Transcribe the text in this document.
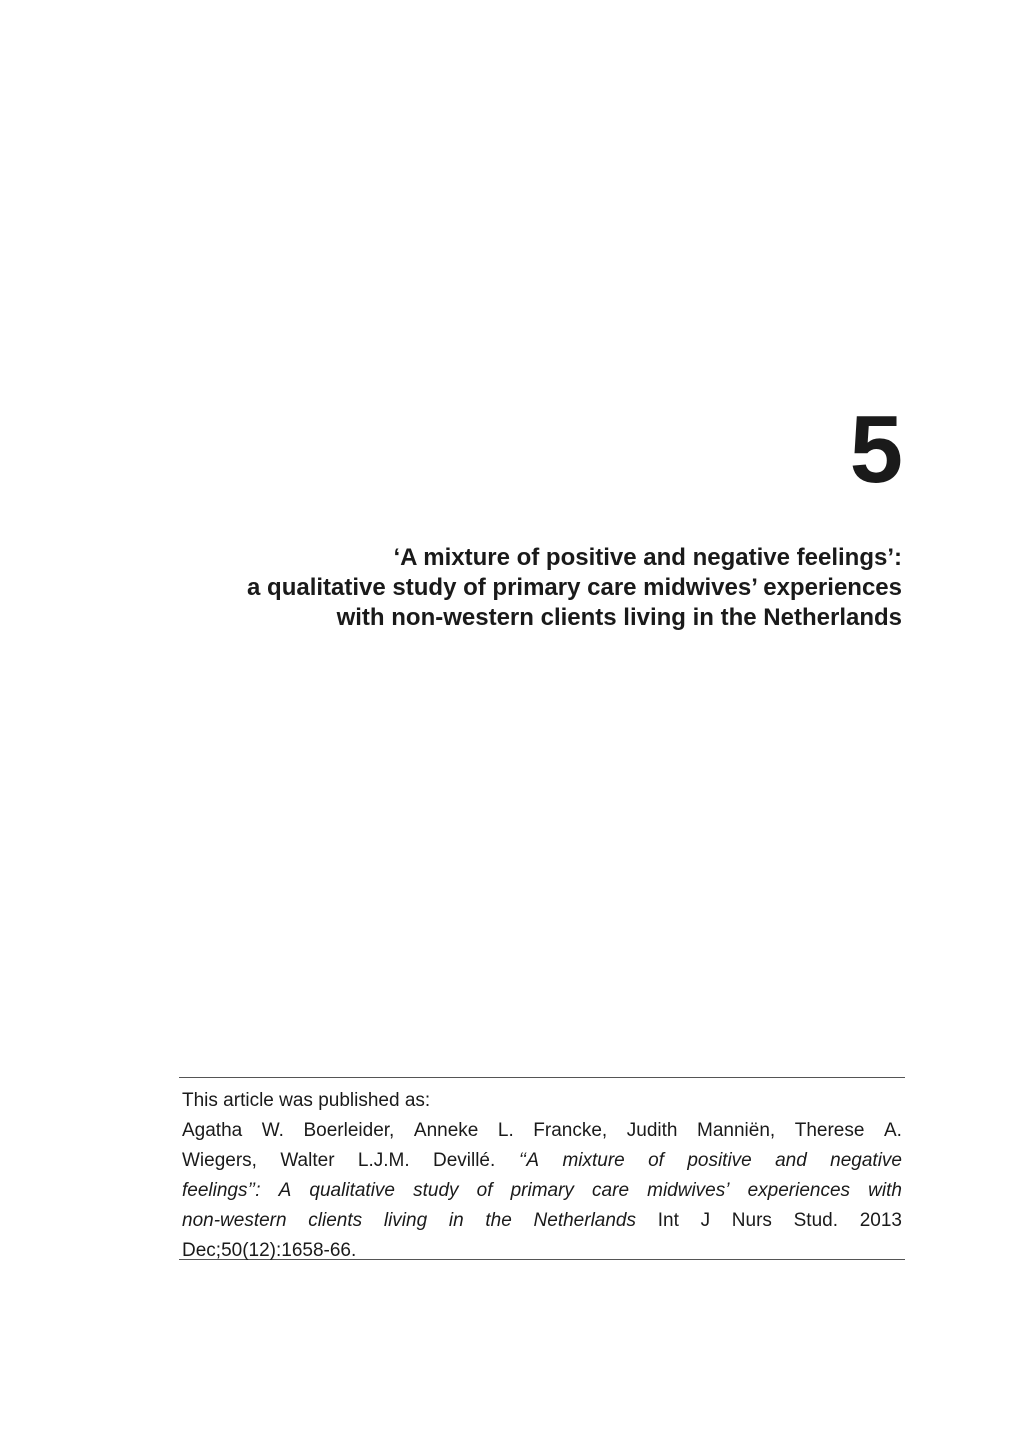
5
‘A mixture of positive and negative feelings’:
a qualitative study of primary care midwives’ experiences
with non-western clients living in the Netherlands
This article was published as:
Agatha W. Boerleider, Anneke L. Francke, Judith Manniën, Therese A.
Wiegers, Walter L.J.M. Devillé. ‘‘A mixture of positive and negative
feelings’’: A qualitative study of primary care midwives’ experiences with
non-western clients living in the Netherlands Int J Nurs Stud. 2013
Dec;50(12):1658-66.
